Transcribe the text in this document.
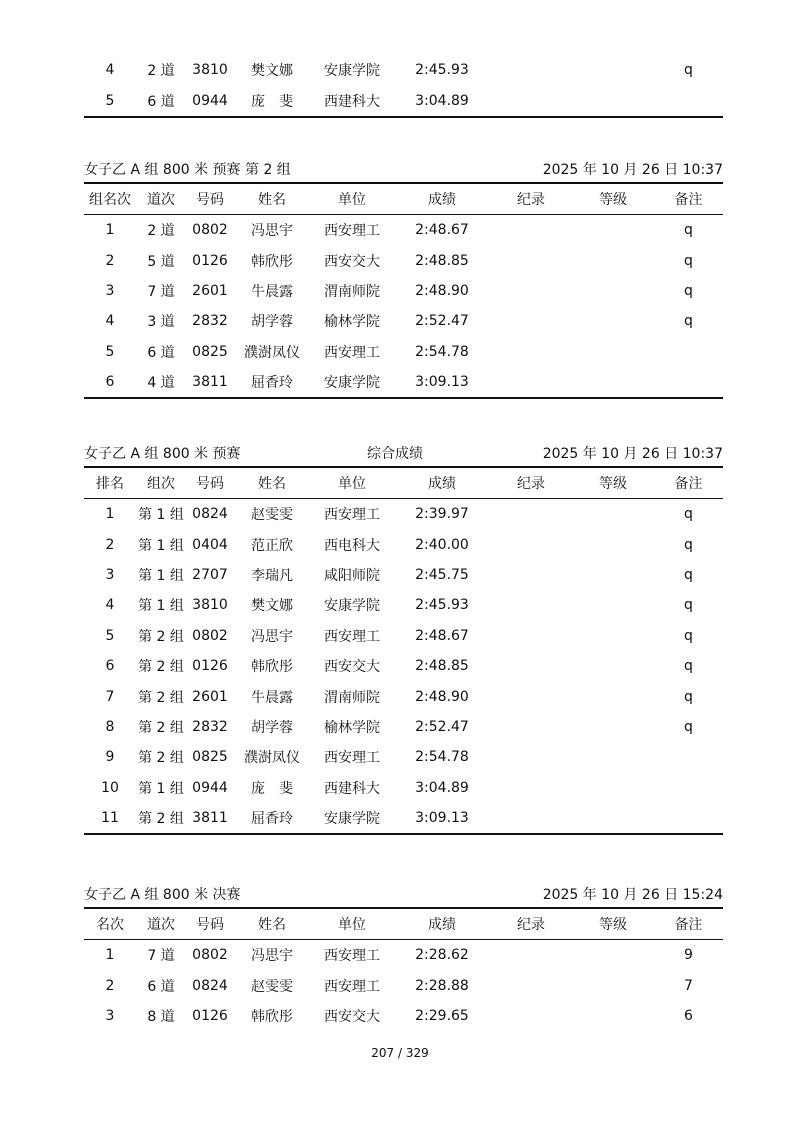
4	2 道	3810	樊文娜	安康学院	2:45.93			q
5	6 道	0944	庞　斐	西建科大	3:04.89			
女子乙 A 组 800 米 预赛 第 2 组	2025 年 10 月 26 日 10:37
组名次	道次	号码	姓名	单位	成绩	纪录	等级	备注
1	2 道	0802	冯思宇	西安理工	2:48.67			q
2	5 道	0126	韩欣彤	西安交大	2:48.85			q
3	7 道	2601	牛晨露	渭南师院	2:48.90			q
4	3 道	2832	胡学蓉	榆林学院	2:52.47			q
5	6 道	0825	濮澍凤仪	西安理工	2:54.78			
6	4 道	3811	屈香玲	安康学院	3:09.13			
女子乙 A 组 800 米 预赛	综合成绩	2025 年 10 月 26 日 10:37
排名	组次	号码	姓名	单位	成绩	纪录	等级	备注
1	第 1 组	0824	赵雯雯	西安理工	2:39.97			q
2	第 1 组	0404	范正欣	西电科大	2:40.00			q
3	第 1 组	2707	李瑞凡	咸阳师院	2:45.75			q
4	第 1 组	3810	樊文娜	安康学院	2:45.93			q
5	第 2 组	0802	冯思宇	西安理工	2:48.67			q
6	第 2 组	0126	韩欣彤	西安交大	2:48.85			q
7	第 2 组	2601	牛晨露	渭南师院	2:48.90			q
8	第 2 组	2832	胡学蓉	榆林学院	2:52.47			q
9	第 2 组	0825	濮澍凤仪	西安理工	2:54.78			
10	第 1 组	0944	庞　斐	西建科大	3:04.89			
11	第 2 组	3811	屈香玲	安康学院	3:09.13			
女子乙 A 组 800 米 决赛	2025 年 10 月 26 日 15:24
名次	道次	号码	姓名	单位	成绩	纪录	等级	备注
1	7 道	0802	冯思宇	西安理工	2:28.62			9
2	6 道	0824	赵雯雯	西安理工	2:28.88			7
3	8 道	0126	韩欣彤	西安交大	2:29.65			6
207 / 329
